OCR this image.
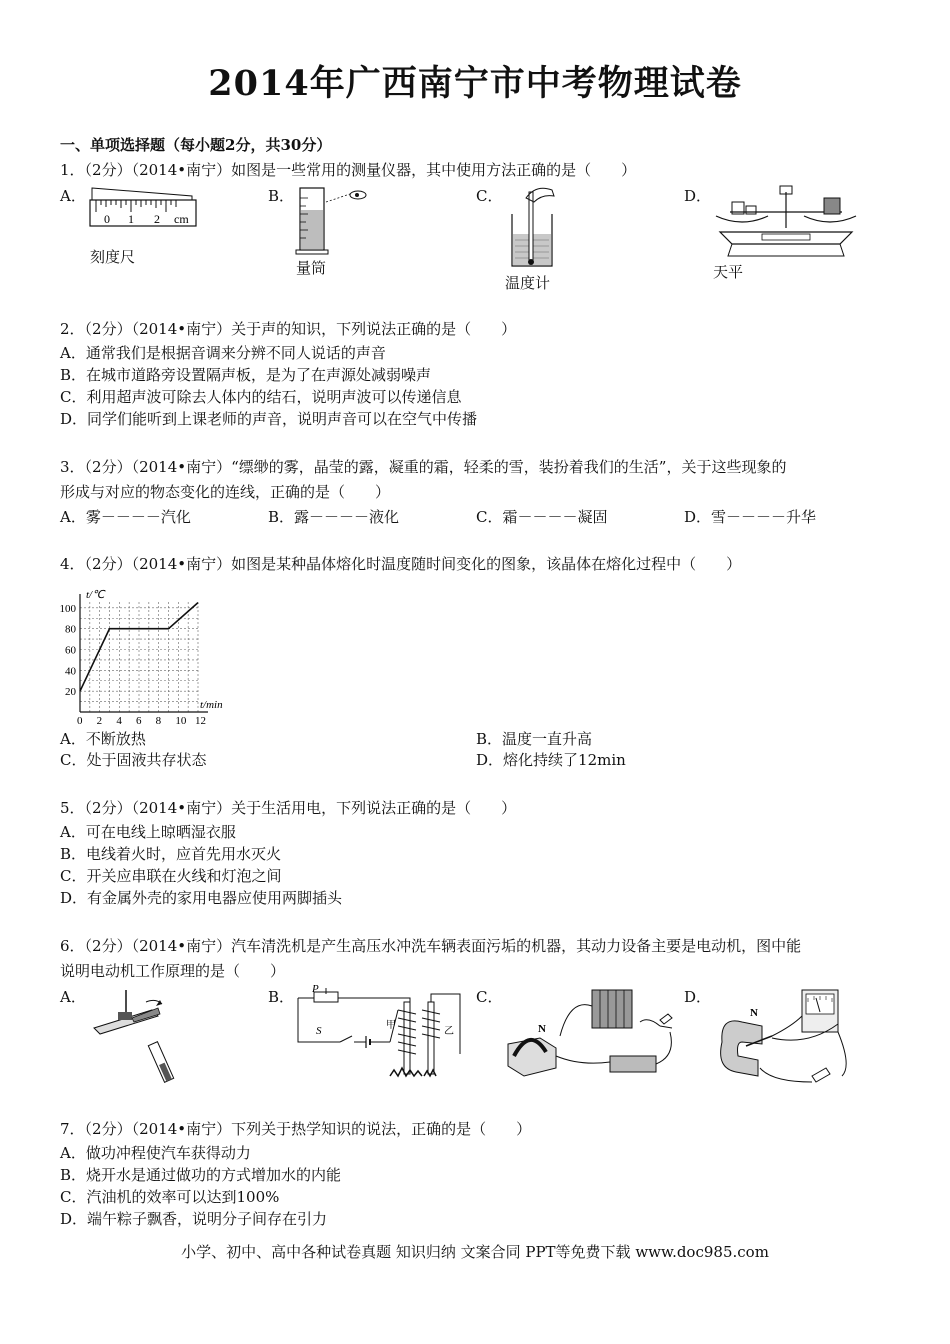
2014年广西南宁市中考物理试卷
一、单项选择题（每小题2分，共30分）
1．（2分）（2014•南宁）如图是一些常用的测量仪器，其中使用方法正确的是（　　）
A．	B．	C．	D．
0 1 2 cm
刻度尺
量筒
温度计
天平
2．（2分）（2014•南宁）关于声的知识，下列说法正确的是（　　）
A．通常我们是根据音调来分辨不同人说话的声音
B．在城市道路旁设置隔声板，是为了在声源处减弱噪声
C．利用超声波可除去人体内的结石，说明声波可以传递信息
D．同学们能听到上课老师的声音，说明声音可以在空气中传播
3．（2分）（2014•南宁）“缥缈的雾，晶莹的露，凝重的霜，轻柔的雪，装扮着我们的生活”，关于这些现象的
形成与对应的物态变化的连线，正确的是（　　）
A．雾－－－－汽化	B．露－－－－液化	C．霜－－－－凝固	D．雪－－－－升华
4．（2分）（2014•南宁）如图是某种晶体熔化时温度随时间变化的图象，该晶体在熔化过程中（　　）
0 2 4 6 8 10 12
20
40
60
80
100
t/℃
t/min
A．不断放热	B．温度一直升高
C．处于固液共存状态	D．熔化持续了12min
5．（2分）（2014•南宁）关于生活用电，下列说法正确的是（　　）
A．可在电线上晾晒湿衣服
B．电线着火时，应首先用水灭火
C．开关应串联在火线和灯泡之间
D．有金属外壳的家用电器应使用两脚插头
6．（2分）（2014•南宁）汽车清洗机是产生高压水冲洗车辆表面污垢的机器，其动力设备主要是电动机，图中能
说明电动机工作原理的是（　　）
A．	B．	C．	D．
P
S	甲
乙	N
N
7．（2分）（2014•南宁）下列关于热学知识的说法，正确的是（　　）
A．做功冲程使汽车获得动力
B．烧开水是通过做功的方式增加水的内能
C．汽油机的效率可以达到100%
D．端午粽子飘香，说明分子间存在引力
小学、初中、高中各种试卷真题 知识归纳 文案合同 PPT等免费下载 www.doc985.com
